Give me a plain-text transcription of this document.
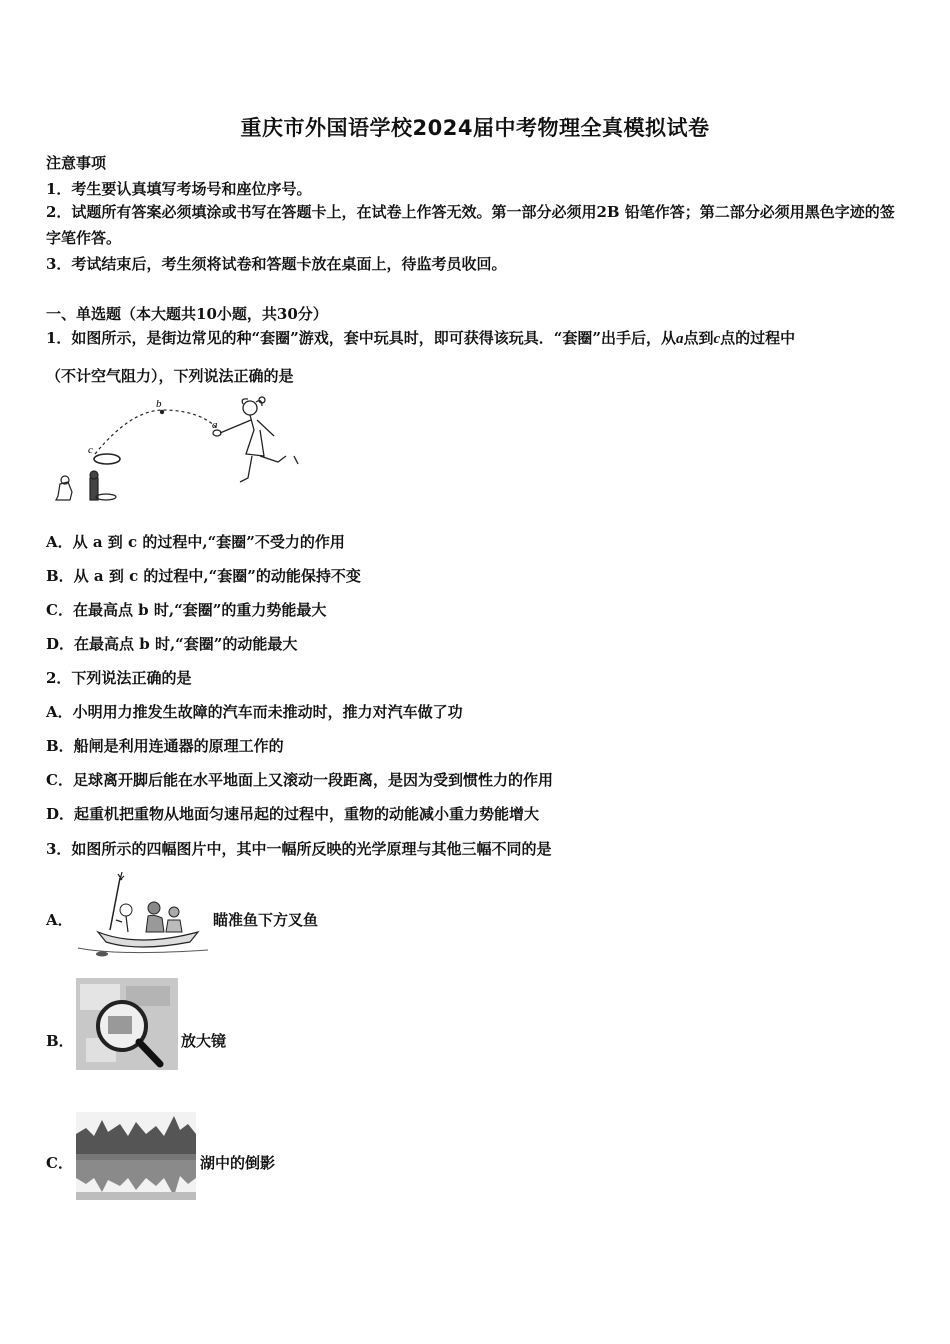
重庆市外国语学校2024届中考物理全真模拟试卷
注意事项
1．考生要认真填写考场号和座位序号。
2．试题所有答案必须填涂或书写在答题卡上，在试卷上作答无效。第一部分必须用2B 铅笔作答；第二部分必须用黑色字迹的签字笔作答。
3．考试结束后，考生须将试卷和答题卡放在桌面上，待监考员收回。
一、单选题（本大题共10小题，共30分）
1．如图所示，是街边常见的种“套圈”游戏，套中玩具时，即可获得该玩具．“套圈”出手后，从a点到c点的过程中
（不计空气阻力），下列说法正确的是
b
a
c
A．从 a 到 c 的过程中,“套圈”不受力的作用
B．从 a 到 c 的过程中,“套圈”的动能保持不变
C．在最高点 b 时,“套圈”的重力势能最大
D．在最高点 b 时,“套圈”的动能最大
2．下列说法正确的是
A．小明用力推发生故障的汽车而未推动时，推力对汽车做了功
B．船闸是利用连通器的原理工作的
C．足球离开脚后能在水平地面上又滚动一段距离，是因为受到惯性力的作用
D．起重机把重物从地面匀速吊起的过程中，重物的动能减小重力势能增大
3．如图所示的四幅图片中，其中一幅所反映的光学原理与其他三幅不同的是
A．	瞄准鱼下方叉鱼
B．	放大镜
C．	湖中的倒影
